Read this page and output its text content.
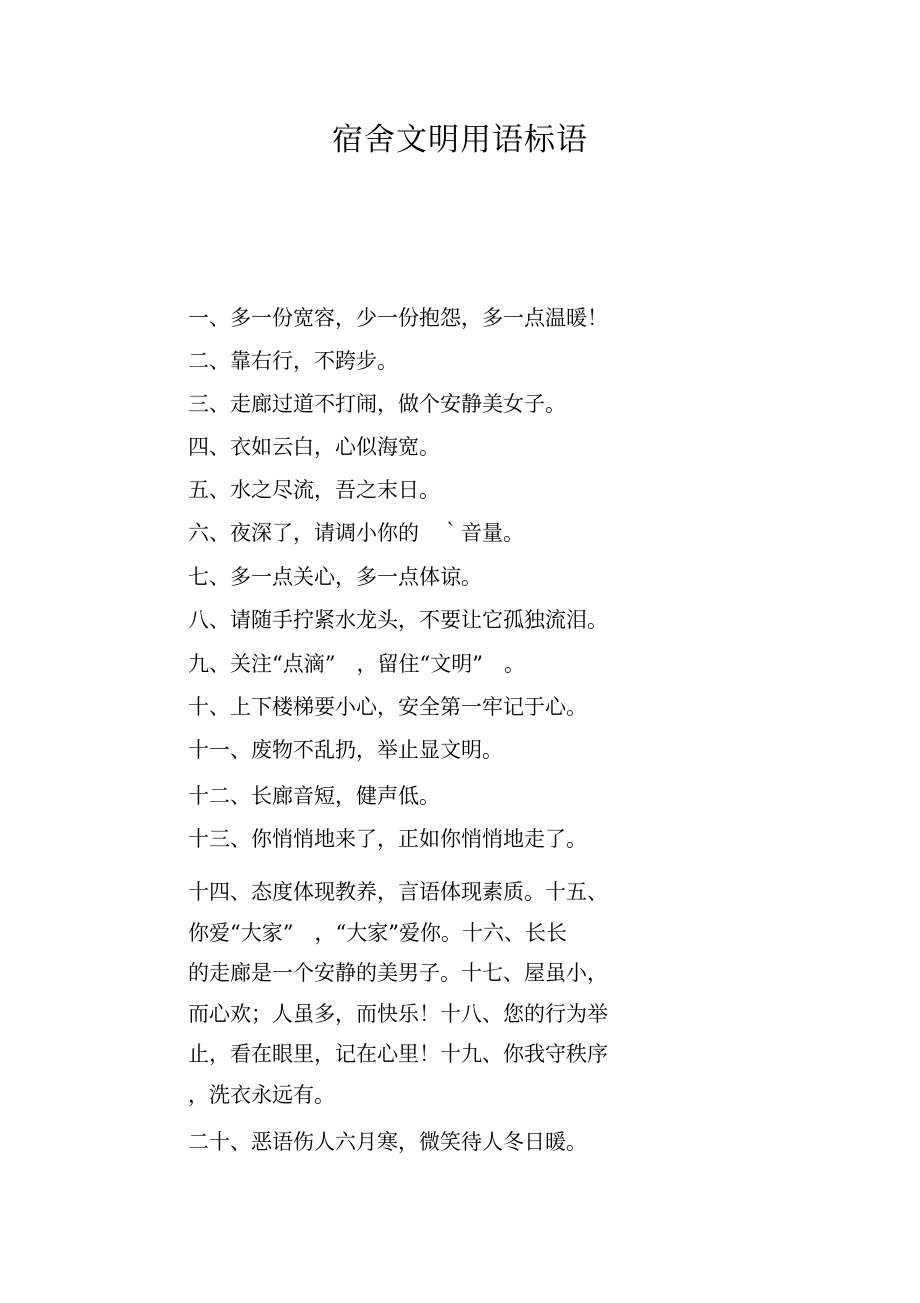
宿舍文明用语标语

一、多一份宽容，少一份抱怨，多一点温暖！

二、靠右行，不跨步。

三、走廊过道不打闹，做个安静美女子。

四、衣如云白，心似海宽。

五、水之尽流，吾之末日。

六、夜深了，请调小你的　｀音量。

七、多一点关心，多一点体谅。

八、请随手拧紧水龙头，不要让它孤独流泪。

九、关注“点滴”　，留住“文明”　。

十、上下楼梯要小心，安全第一牢记于心。

十一、废物不乱扔，举止显文明。

十二、长廊音短，健声低。

十三、你悄悄地来了，正如你悄悄地走了。

十四、态度体现教养，言语体现素质。十五、
你爱“大家”　，“大家”爱你。十六、长长
的走廊是一个安静的美男子。十七、屋虽小，
而心欢；人虽多，而快乐！十八、您的行为举
止，看在眼里，记在心里！十九、你我守秩序
，洗衣永远有。

二十、恶语伤人六月寒，微笑待人冬日暖。
